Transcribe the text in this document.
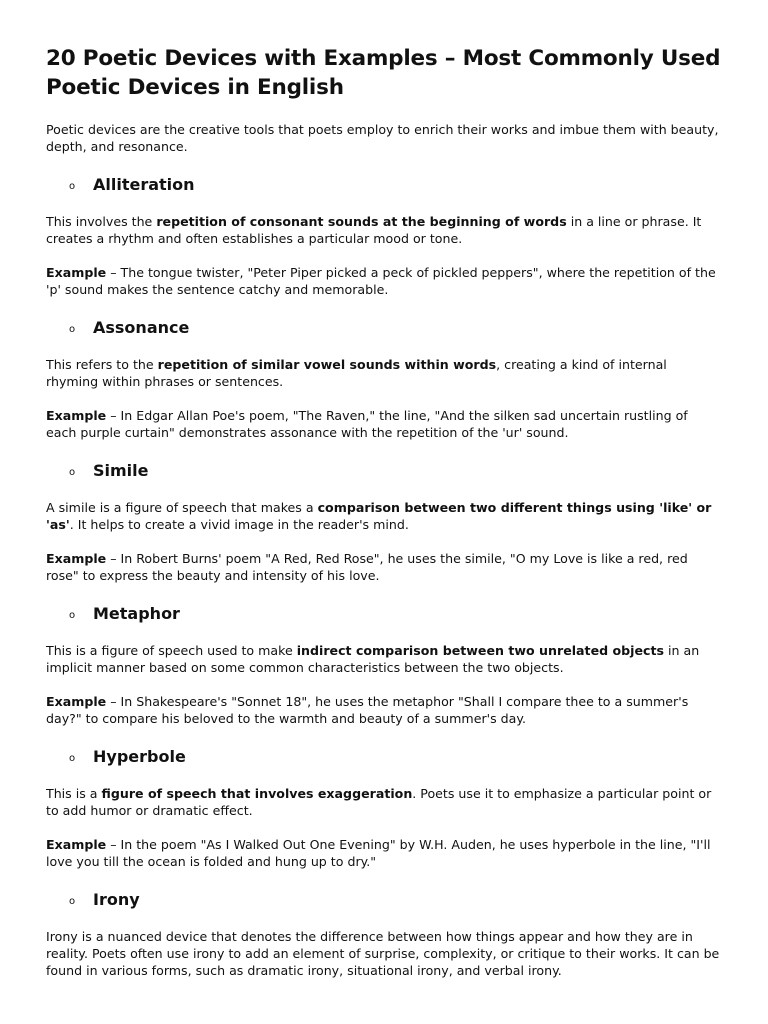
20 Poetic Devices with Examples – Most Commonly Used Poetic Devices in English

Poetic devices are the creative tools that poets employ to enrich their works and imbue them with beauty, depth, and resonance.

o	Alliteration

This involves the repetition of consonant sounds at the beginning of words in a line or phrase. It creates a rhythm and often establishes a particular mood or tone.

Example – The tongue twister, "Peter Piper picked a peck of pickled peppers", where the repetition of the 'p' sound makes the sentence catchy and memorable.

o	Assonance

This refers to the repetition of similar vowel sounds within words, creating a kind of internal rhyming within phrases or sentences.

Example – In Edgar Allan Poe's poem, "The Raven," the line, "And the silken sad uncertain rustling of each purple curtain" demonstrates assonance with the repetition of the 'ur' sound.

o	Simile

A simile is a figure of speech that makes a comparison between two different things using 'like' or 'as'. It helps to create a vivid image in the reader's mind.

Example – In Robert Burns' poem "A Red, Red Rose", he uses the simile, "O my Love is like a red, red rose" to express the beauty and intensity of his love.

o	Metaphor

This is a figure of speech used to make indirect comparison between two unrelated objects in an implicit manner based on some common characteristics between the two objects.

Example – In Shakespeare's "Sonnet 18", he uses the metaphor "Shall I compare thee to a summer's day?" to compare his beloved to the warmth and beauty of a summer's day.

o	Hyperbole

This is a figure of speech that involves exaggeration. Poets use it to emphasize a particular point or to add humor or dramatic effect.

Example – In the poem "As I Walked Out One Evening" by W.H. Auden, he uses hyperbole in the line, "I'll love you till the ocean is folded and hung up to dry."

o	Irony

Irony is a nuanced device that denotes the difference between how things appear and how they are in reality. Poets often use irony to add an element of surprise, complexity, or critique to their works. It can be found in various forms, such as dramatic irony, situational irony, and verbal irony.
